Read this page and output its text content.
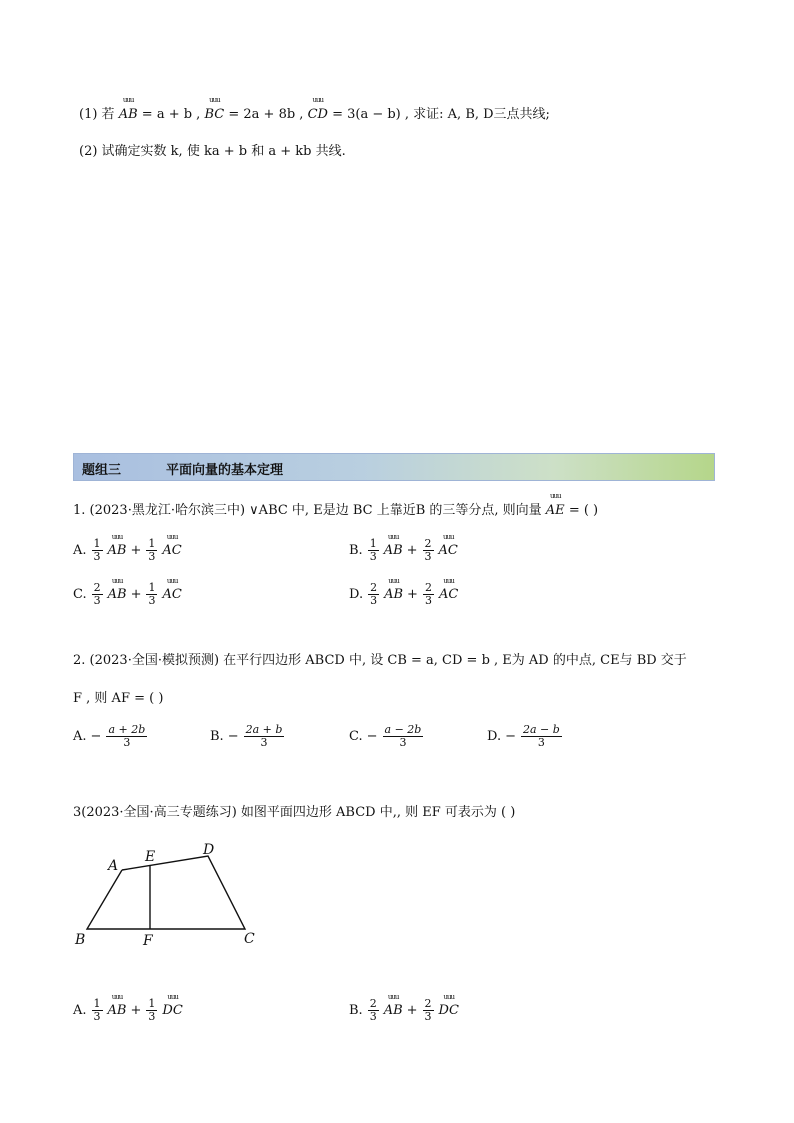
(1) 若
uuu
AB = a + b ,
uuu
BC = 2a + 8b ,
uuu
CD = 3(a − b) , 求证: A, B, D三点共线;
(2) 试确定实数 k, 使 ka + b 和 a + kb 共线.
题组三	平面向量的基本定理
1. (2023·黑龙江·哈尔滨三中) ∨ABC 中, E是边 BC 上靠近B 的三等分点, 则向量
uuu
AE = ( )
A. $\frac{1}{3}$
uuu
AB + $\frac{1}{3}$
uuu
AC	B. $\frac{1}{3}$
uuu
AB + $\frac{2}{3}$
uuu
AC
C. $\frac{2}{3}$
uuu
AB + $\frac{1}{3}$
uuu
AC	D. $\frac{2}{3}$
uuu
AB + $\frac{2}{3}$
uuu
AC
2. (2023·全国·模拟预测) 在平行四边形 ABCD 中, 设 CB = a, CD = b , E为 AD 的中点, CE与 BD 交于
F , 则 AF = ( )
A. − $\frac{a + 2b}{3}$	B. − $\frac{2a + b}{3}$	C. − $\frac{a - 2b}{3}$	D. − $\frac{2a - b}{3}$
3(2023·全国·高三专题练习) 如图平面四边形 ABCD 中,, 则 EF 可表示为 ( )
A
E	D
B	F	C
A. $\frac{1}{3}$
uuu
AB + $\frac{1}{3}$
uuu
DC	B. $\frac{2}{3}$
uuu
AB + $\frac{2}{3}$
uuu
DC
